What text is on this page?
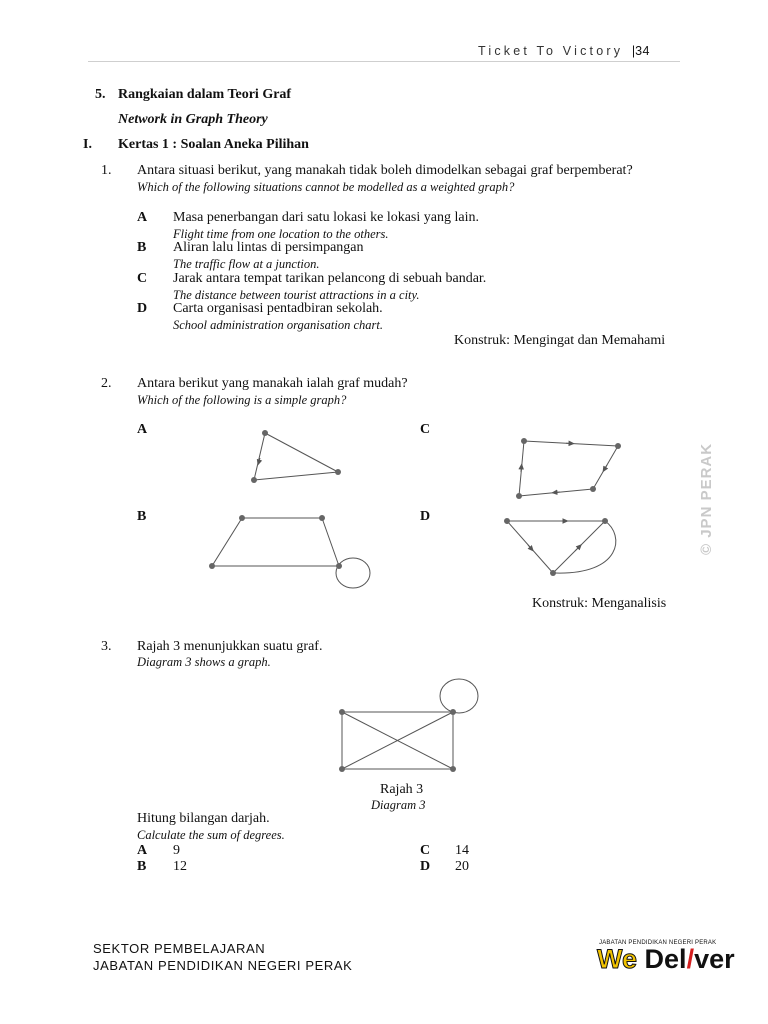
Ticket To Victory |34
© JPN PERAK
5. Rangkaian dalam Teori Graf
Network in Graph Theory
I. Kertas 1 : Soalan Aneka Pilihan
1. Antara situasi berikut, yang manakah tidak boleh dimodelkan sebagai graf berpemberat?
Which of the following situations cannot be modelled as a weighted graph?
A Masa penerbangan dari satu lokasi ke lokasi yang lain.
Flight time from one location to the others.
B Aliran lalu lintas di persimpangan
The traffic flow at a junction.
C Jarak antara tempat tarikan pelancong di sebuah bandar.
The distance between tourist attractions in a city.
D Carta organisasi pentadbiran sekolah.
School administration organisation chart.
Konstruk: Mengingat dan Memahami
2. Antara berikut yang manakah ialah graf mudah?
Which of the following is a simple graph?
A	C
B	D
Konstruk: Menganalisis
3. Rajah 3 menunjukkan suatu graf.
Diagram 3 shows a graph.
Rajah 3
Diagram 3
Hitung bilangan darjah.
Calculate the sum of degrees.
A 9
B 12
C 14
D 20
SEKTOR PEMBELAJARAN
JABATAN PENDIDIKAN NEGERI PERAK
JABATAN PENDIDIKAN NEGERI PERAK
We Del/ver
